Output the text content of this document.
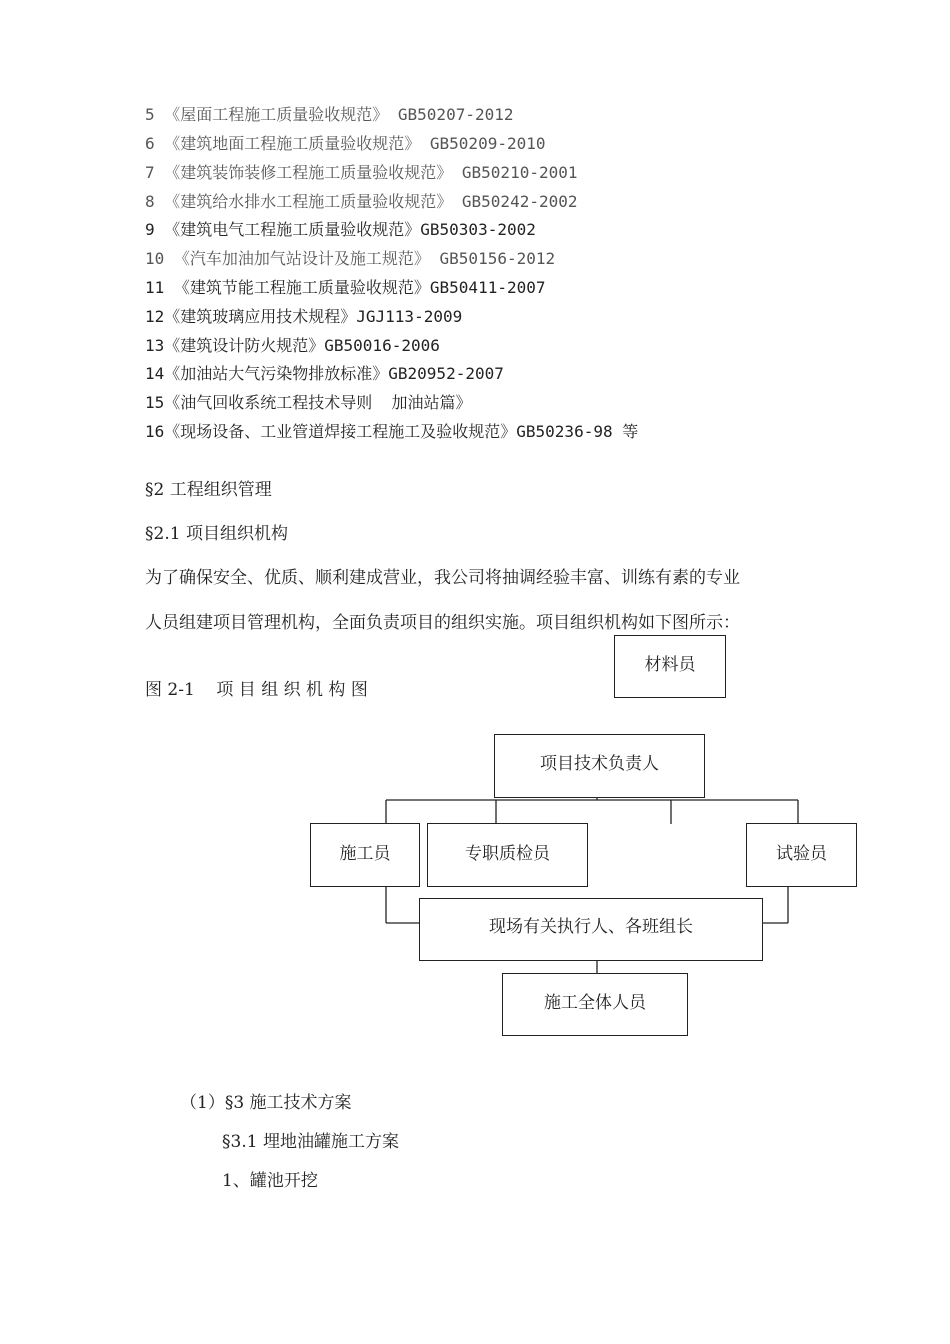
5 《屋面工程施工质量验收规范》 GB50207-2012
6 《建筑地面工程施工质量验收规范》 GB50209-2010
7 《建筑装饰装修工程施工质量验收规范》 GB50210-2001
8 《建筑给水排水工程施工质量验收规范》 GB50242-2002
9 《建筑电气工程施工质量验收规范》GB50303-2002
10 《汽车加油加气站设计及施工规范》 GB50156-2012
11 《建筑节能工程施工质量验收规范》GB50411-2007
12《建筑玻璃应用技术规程》JGJ113-2009
13《建筑设计防火规范》GB50016-2006
14《加油站大气污染物排放标准》GB20952-2007
15《油气回收系统工程技术导则  加油站篇》
16《现场设备、工业管道焊接工程施工及验收规范》GB50236-98 等
§2 工程组织管理
§2.1 项目组织机构
为了确保安全、优质、顺利建成营业，我公司将抽调经验丰富、训练有素的专业
人员组建项目管理机构，全面负责项目的组织实施。项目组织机构如下图所示：
图 2-1    项 目 组 织 机 构 图
材料员
项目技术负责人
施工员	专职质检员	试验员
现场有关执行人、各班组长
施工全体人员
（1）§3 施工技术方案
§3.1 埋地油罐施工方案
1、罐池开挖
